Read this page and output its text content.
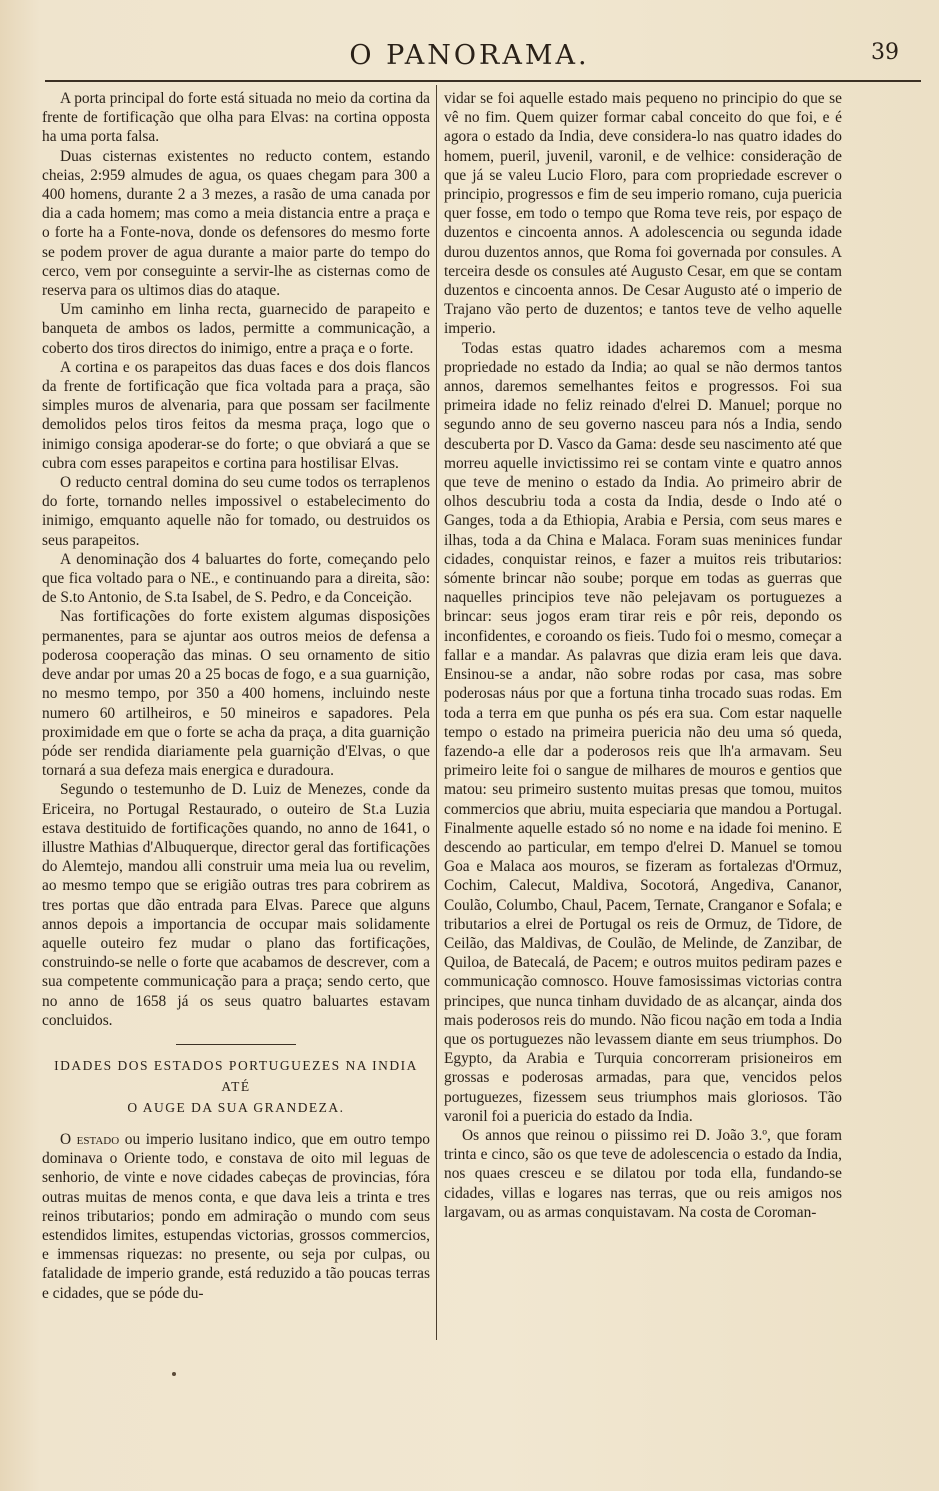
O PANORAMA.	39

A porta principal do forte está situada no meio da cortina da frente de fortificação que olha para Elvas: na cortina opposta ha uma porta falsa.

Duas cisternas existentes no reducto contem, estando cheias, 2:959 almudes de agua, os quaes chegam para 300 a 400 homens, durante 2 a 3 mezes, a rasão de uma canada por dia a cada homem; mas como a meia distancia entre a praça e o forte ha a Fonte-nova, donde os defensores do mesmo forte se podem prover de agua durante a maior parte do tempo do cerco, vem por conseguinte a servir-lhe as cisternas como de reserva para os ultimos dias do ataque.

Um caminho em linha recta, guarnecido de parapeito e banqueta de ambos os lados, permitte a communicação, a coberto dos tiros directos do inimigo, entre a praça e o forte.

A cortina e os parapeitos das duas faces e dos dois flancos da frente de fortificação que fica voltada para a praça, são simples muros de alvenaria, para que possam ser facilmente demolidos pelos tiros feitos da mesma praça, logo que o inimigo consiga apoderar-se do forte; o que obviará a que se cubra com esses parapeitos e cortina para hostilisar Elvas.

O reducto central domina do seu cume todos os terraplenos do forte, tornando nelles impossivel o estabelecimento do inimigo, emquanto aquelle não for tomado, ou destruidos os seus parapeitos.

A denominação dos 4 baluartes do forte, começando pelo que fica voltado para o NE., e continuando para a direita, são: de S.to Antonio, de S.ta Isabel, de S. Pedro, e da Conceição.

Nas fortificações do forte existem algumas disposições permanentes, para se ajuntar aos outros meios de defensa a poderosa cooperação das minas. O seu ornamento de sitio deve andar por umas 20 a 25 bocas de fogo, e a sua guarnição, no mesmo tempo, por 350 a 400 homens, incluindo neste numero 60 artilheiros, e 50 mineiros e sapadores. Pela proximidade em que o forte se acha da praça, a dita guarnição póde ser rendida diariamente pela guarnição d'Elvas, o que tornará a sua defeza mais energica e duradoura.

Segundo o testemunho de D. Luiz de Menezes, conde da Ericeira, no Portugal Restaurado, o outeiro de St.a Luzia estava destituido de fortificações quando, no anno de 1641, o illustre Mathias d'Albuquerque, director geral das fortificações do Alemtejo, mandou alli construir uma meia lua ou revelim, ao mesmo tempo que se erigião outras tres para cobrirem as tres portas que dão entrada para Elvas. Parece que alguns annos depois a importancia de occupar mais solidamente aquelle outeiro fez mudar o plano das fortificações, construindo-se nelle o forte que acabamos de descrever, com a sua competente communicação para a praça; sendo certo, que no anno de 1658 já os seus quatro baluartes estavam concluidos.

IDADES DOS ESTADOS PORTUGUEZES NA INDIA ATÉ
O AUGE DA SUA GRANDEZA.

O estado ou imperio lusitano indico, que em outro tempo dominava o Oriente todo, e constava de oito mil leguas de senhorio, de vinte e nove cidades cabeças de provincias, fóra outras muitas de menos conta, e que dava leis a trinta e tres reinos tributarios; pondo em admiração o mundo com seus estendidos limites, estupendas victorias, grossos commercios, e immensas riquezas: no presente, ou seja por culpas, ou fatalidade de imperio grande, está reduzido a tão poucas terras e cidades, que se póde du-

vidar se foi aquelle estado mais pequeno no principio do que se vê no fim. Quem quizer formar cabal conceito do que foi, e é agora o estado da India, deve considera-lo nas quatro idades do homem, pueril, juvenil, varonil, e de velhice: consideração de que já se valeu Lucio Floro, para com propriedade escrever o principio, progressos e fim de seu imperio romano, cuja puericia quer fosse, em todo o tempo que Roma teve reis, por espaço de duzentos e cincoenta annos. A adolescencia ou segunda idade durou duzentos annos, que Roma foi governada por consules. A terceira desde os consules até Augusto Cesar, em que se contam duzentos e cincoenta annos. De Cesar Augusto até o imperio de Trajano vão perto de duzentos; e tantos teve de velho aquelle imperio.

Todas estas quatro idades acharemos com a mesma propriedade no estado da India; ao qual se não dermos tantos annos, daremos semelhantes feitos e progressos. Foi sua primeira idade no feliz reinado d'elrei D. Manuel; porque no segundo anno de seu governo nasceu para nós a India, sendo descuberta por D. Vasco da Gama: desde seu nascimento até que morreu aquelle invictissimo rei se contam vinte e quatro annos que teve de menino o estado da India. Ao primeiro abrir de olhos descubriu toda a costa da India, desde o Indo até o Ganges, toda a da Ethiopia, Arabia e Persia, com seus mares e ilhas, toda a da China e Malaca. Foram suas meninices fundar cidades, conquistar reinos, e fazer a muitos reis tributarios: sómente brincar não soube; porque em todas as guerras que naquelles principios teve não pelejavam os portuguezes a brincar: seus jogos eram tirar reis e pôr reis, depondo os inconfidentes, e coroando os fieis. Tudo foi o mesmo, começar a fallar e a mandar. As palavras que dizia eram leis que dava. Ensinou-se a andar, não sobre rodas por casa, mas sobre poderosas náus por que a fortuna tinha trocado suas rodas. Em toda a terra em que punha os pés era sua. Com estar naquelle tempo o estado na primeira puericia não deu uma só queda, fazendo-a elle dar a poderosos reis que lh'a armavam. Seu primeiro leite foi o sangue de milhares de mouros e gentios que matou: seu primeiro sustento muitas presas que tomou, muitos commercios que abriu, muita especiaria que mandou a Portugal. Finalmente aquelle estado só no nome e na idade foi menino. E descendo ao particular, em tempo d'elrei D. Manuel se tomou Goa e Malaca aos mouros, se fizeram as fortalezas d'Ormuz, Cochim, Calecut, Maldiva, Socotorá, Angediva, Cananor, Coulão, Columbo, Chaul, Pacem, Ternate, Cranganor e Sofala; e tributarios a elrei de Portugal os reis de Ormuz, de Tidore, de Ceilão, das Maldivas, de Coulão, de Melinde, de Zanzibar, de Quiloa, de Batecalá, de Pacem; e outros muitos pediram pazes e communicação comnosco. Houve famosissimas victorias contra principes, que nunca tinham duvidado de as alcançar, ainda dos mais poderosos reis do mundo. Não ficou nação em toda a India que os portuguezes não levassem diante em seus triumphos. Do Egypto, da Arabia e Turquia concorreram prisioneiros em grossas e poderosas armadas, para que, vencidos pelos portuguezes, fizessem seus triumphos mais gloriosos. Tão varonil foi a puericia do estado da India.

Os annos que reinou o piissimo rei D. João 3.º, que foram trinta e cinco, são os que teve de adolescencia o estado da India, nos quaes cresceu e se dilatou por toda ella, fundando-se cidades, villas e logares nas terras, que ou reis amigos nos largavam, ou as armas conquistavam. Na costa de Coroman-
